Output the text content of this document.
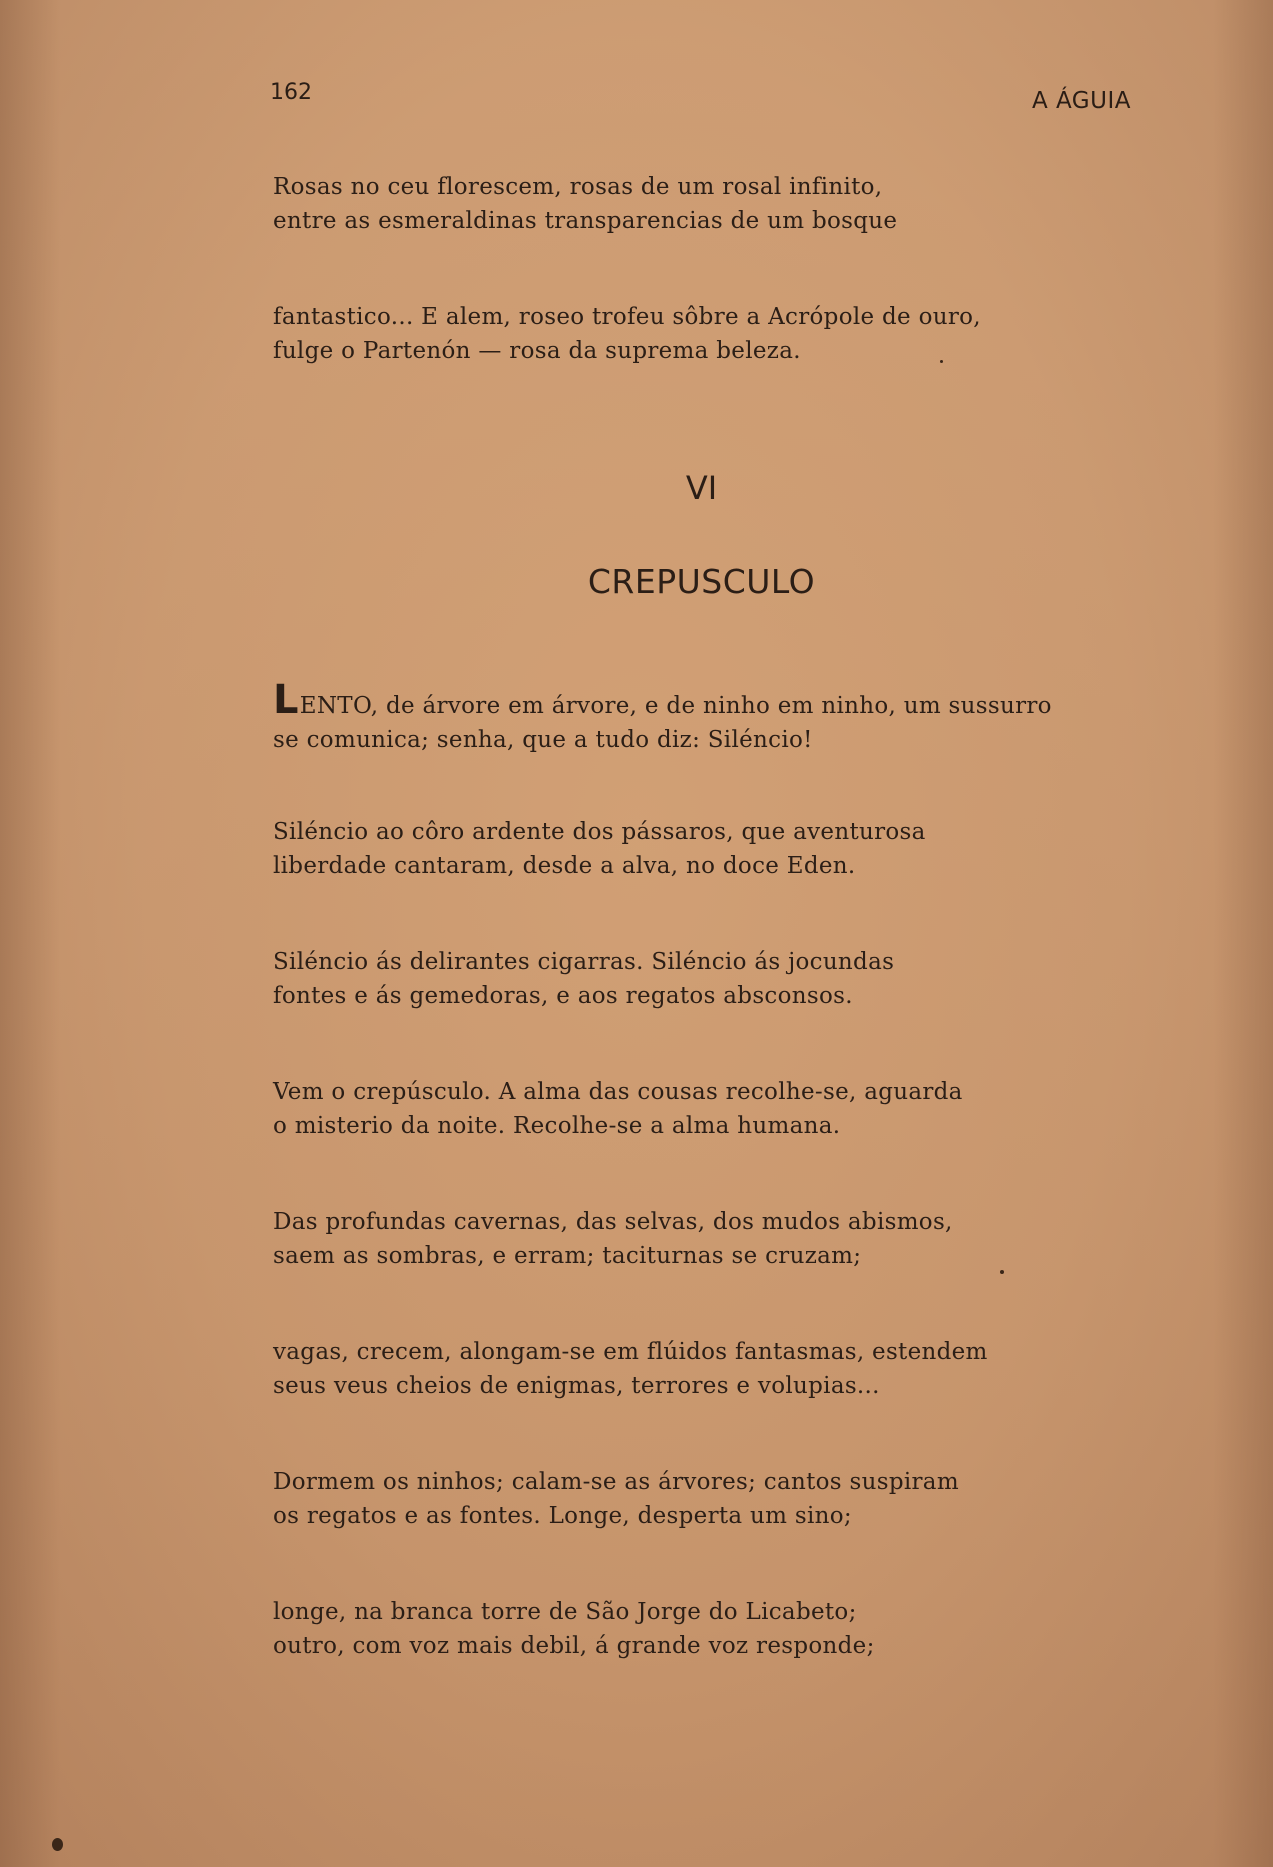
162	A ÁGUIA
Rosas no ceu florescem, rosas de um rosal infinito,
entre as esmeraldinas transparencias de um bosque
fantastico... E alem, roseo trofeu sôbre a Acrópole de ouro,
fulge o Partenón — rosa da suprema beleza.
VI
CREPUSCULO
LENTO, de árvore em árvore, e de ninho em ninho, um sussurro
se comunica; senha, que a tudo diz: Siléncio!
Siléncio ao côro ardente dos pássaros, que aventurosa
liberdade cantaram, desde a alva, no doce Eden.
Siléncio ás delirantes cigarras. Siléncio ás jocundas
fontes e ás gemedoras, e aos regatos absconsos.
Vem o crepúsculo. A alma das cousas recolhe-se, aguarda
o misterio da noite. Recolhe-se a alma humana.
Das profundas cavernas, das selvas, dos mudos abismos,
saem as sombras, e erram; taciturnas se cruzam;
vagas, crecem, alongam-se em flúidos fantasmas, estendem
seus veus cheios de enigmas, terrores e volupias...
Dormem os ninhos; calam-se as árvores; cantos suspiram
os regatos e as fontes. Longe, desperta um sino;
longe, na branca torre de São Jorge do Licabeto;
outro, com voz mais debil, á grande voz responde;
